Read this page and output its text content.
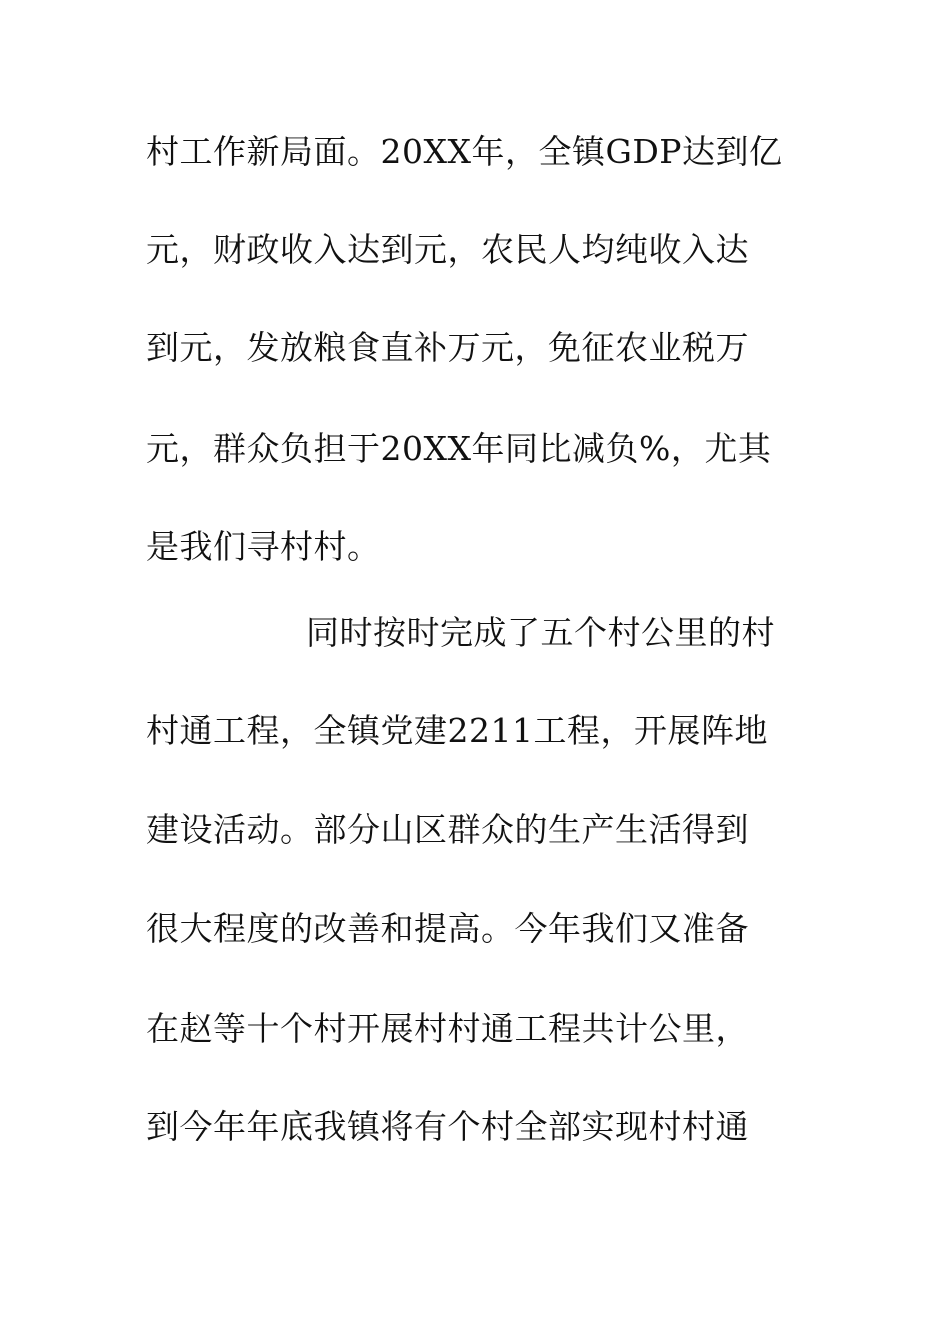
村工作新局面。20XX年，全镇GDP达到亿
元，财政收入达到元，农民人均纯收入达
到元，发放粮食直补万元，免征农业税万
元，群众负担于20XX年同比减负%，尤其
是我们寻村村。
同时按时完成了五个村公里的村
村通工程，全镇党建2211工程，开展阵地
建设活动。部分山区群众的生产生活得到
很大程度的改善和提高。今年我们又准备
在赵等十个村开展村村通工程共计公里，
到今年年底我镇将有个村全部实现村村通
